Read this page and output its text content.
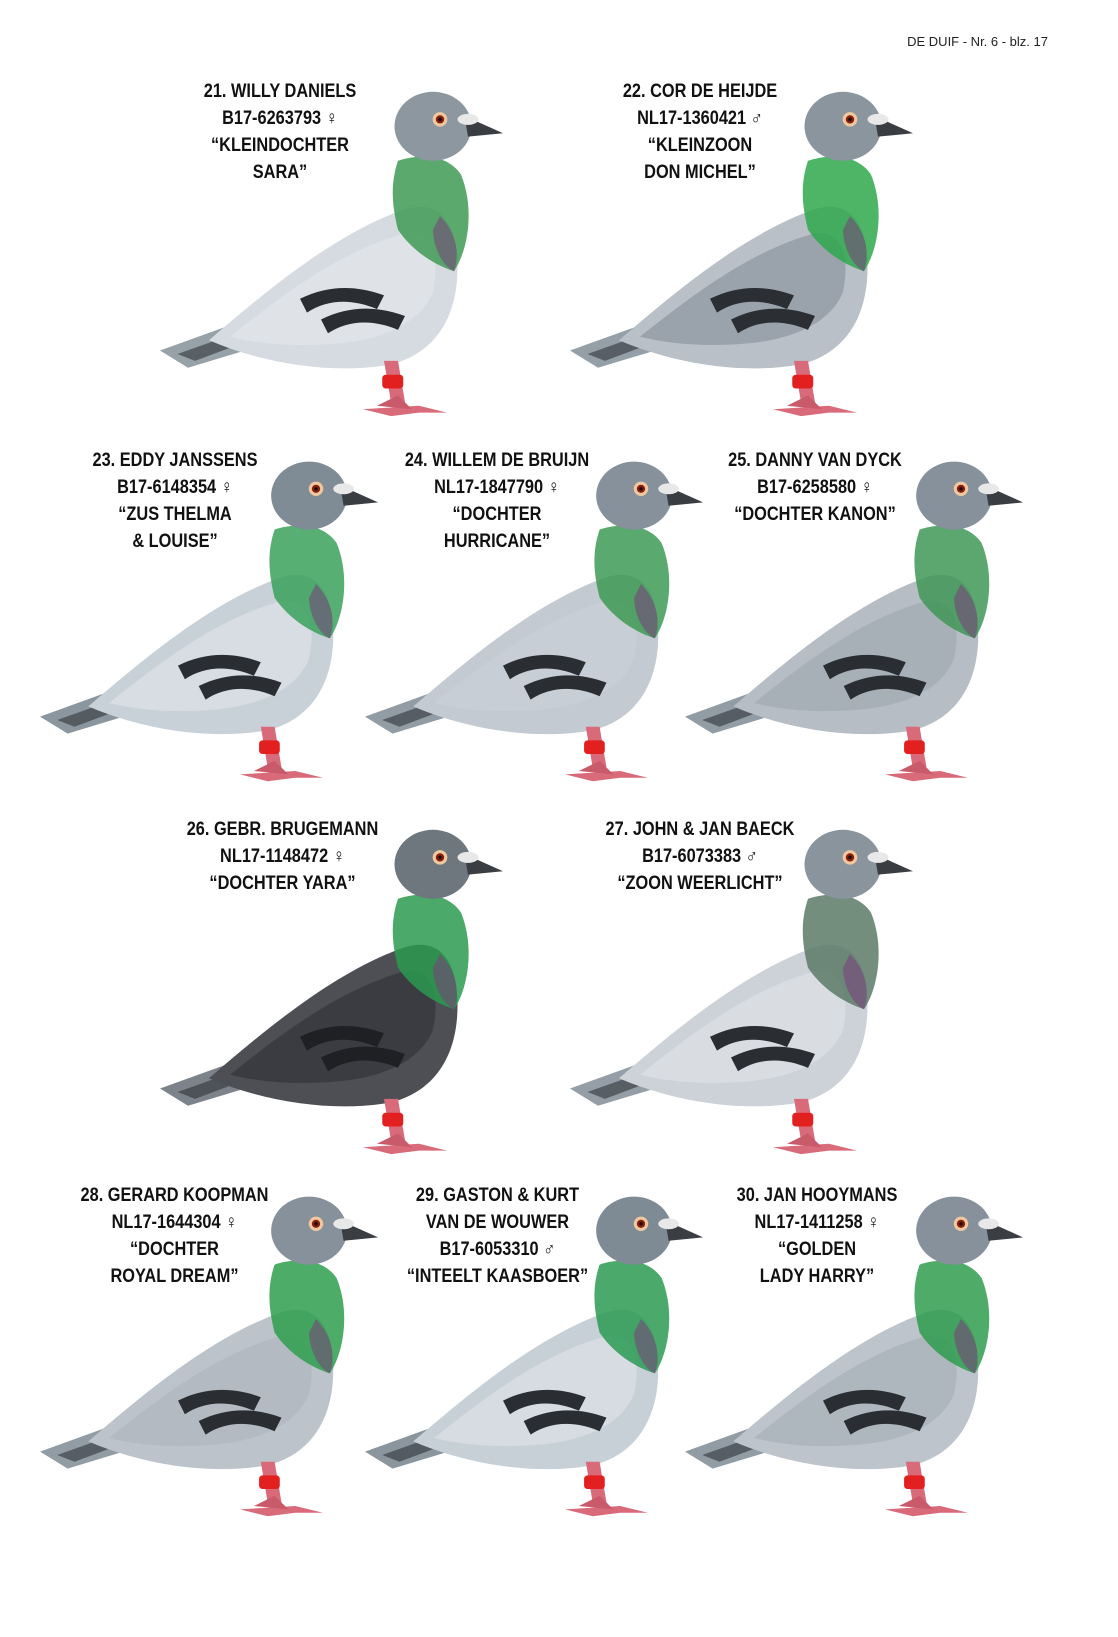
DE DUIF - Nr. 6 - blz. 17
21. WILLY DANIELS
B17-6263793 ♀
“KLEINDOCHTER
SARA”
22. COR DE HEIJDE
NL17-1360421 ♂
“KLEINZOON
DON MICHEL”
23. EDDY JANSSENS
B17-6148354 ♀
“ZUS THELMA
& LOUISE”
24. WILLEM DE BRUIJN
NL17-1847790 ♀
“DOCHTER
HURRICANE”
25. DANNY VAN DYCK
B17-6258580 ♀
“DOCHTER KANON”
26. GEBR. BRUGEMANN
NL17-1148472 ♀
“DOCHTER YARA”
27. JOHN & JAN BAECK
B17-6073383 ♂
“ZOON WEERLICHT”
28. GERARD KOOPMAN
NL17-1644304 ♀
“DOCHTER
ROYAL DREAM”
29. GASTON & KURT
VAN DE WOUWER
B17-6053310 ♂
“INTEELT KAASBOER”
30. JAN HOOYMANS
NL17-1411258 ♀
“GOLDEN
LADY HARRY”
